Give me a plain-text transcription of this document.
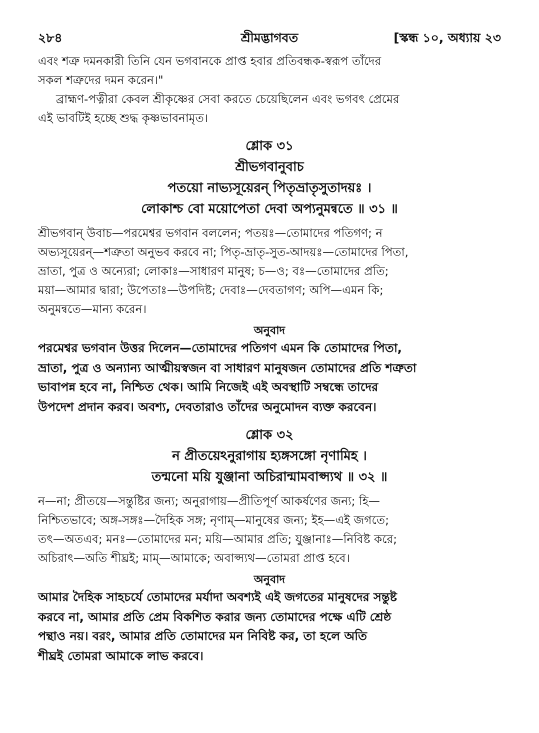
২৮৪	শ্রীমদ্ভাগবত	[স্কন্ধ ১০, অধ্যায় ২৩

এবং শত্রু দমনকারী তিনি যেন ভগবানকে প্রাপ্ত হবার প্রতিবন্ধক-স্বরূপ তাঁদের

সকল শত্রুদের দমন করেন।"

ব্রাহ্মণ-পত্নীরা কেবল শ্রীকৃষ্ণের সেবা করতে চেয়েছিলেন এবং ভগবৎ প্রেমের

এই ভাবটিই হচ্ছে শুদ্ধ কৃষ্ণভাবনামৃত।

শ্লোক ৩১
শ্রীভগবানুবাচ
পতয়ো নাভ্যসূয়েরন্ পিতৃভ্রাতৃসুতাদয়ঃ ।
লোকাশ্চ বো ময়োপেতা দেবা অপ্যনুমন্বতে ॥ ৩১ ॥

শ্রীভগবান্ উবাচ—পরমেশ্বর ভগবান বললেন; পতয়ঃ—তোমাদের পতিগণ; ন

অভ্যসূয়েরন্—শত্রুতা অনুভব করবে না; পিতৃ-ভ্রাতৃ-সুত-আদয়ঃ—তোমাদের পিতা,

ভ্রাতা, পুত্র ও অন্যেরা; লোকাঃ—সাধারণ মানুষ; চ—ও; বঃ—তোমাদের প্রতি;

ময়া—আমার দ্বারা; উপেতাঃ—উপদিষ্ট; দেবাঃ—দেবতাগণ; অপি—এমন কি;

অনুমন্বতে—মান্য করেন।

অনুবাদ

পরমেশ্বর ভগবান উত্তর দিলেন—তোমাদের পতিগণ এমন কি তোমাদের পিতা,

ভ্রাতা, পুত্র ও অন্যান্য আত্মীয়স্বজন বা সাধারণ মানুষজন তোমাদের প্রতি শত্রুতা

ভাবাপন্ন হবে না, নিশ্চিত থেক। আমি নিজেই এই অবস্থাটি সম্বন্ধে তাদের

উপদেশ প্রদান করব। অবশ্য, দেবতারাও তাঁদের অনুমোদন ব্যক্ত করবেন।

শ্লোক ৩২
ন প্রীতয়েঽনুরাগায় হ্যঙ্গসঙ্গো নৃণামিহ ।
তন্মনো ময়ি যুঞ্জানা অচিরান্মামবাপ্স্যথ ॥ ৩২ ॥

ন—না; প্রীতয়ে—সন্তুষ্টির জন্য; অনুরাগায়—প্রীতিপূর্ণ আকর্ষণের জন্য; হি—

নিশ্চিতভাবে; অঙ্গ-সঙ্গঃ—দৈহিক সঙ্গ; নৃণাম্—মানুষের জন্য; ইহ—এই জগতে;

তৎ—অতএব; মনঃ—তোমাদের মন; ময়ি—আমার প্রতি; যুঞ্জানাঃ—নিবিষ্ট করে;

অচিরাৎ—অতি শীঘ্রই; মাম্—আমাকে; অবাপ্স্যথ—তোমরা প্রাপ্ত হবে।

অনুবাদ

আমার দৈহিক সাহচর্যে তোমাদের মর্যাদা অবশ্যই এই জগতের মানুষদের সন্তুষ্ট

করবে না, আমার প্রতি প্রেম বিকশিত করার জন্য তোমাদের পক্ষে এটি শ্রেষ্ঠ

পন্থাও নয়। বরং, আমার প্রতি তোমাদের মন নিবিষ্ট কর, তা হলে অতি

শীঘ্রই তোমরা আমাকে লাভ করবে।
